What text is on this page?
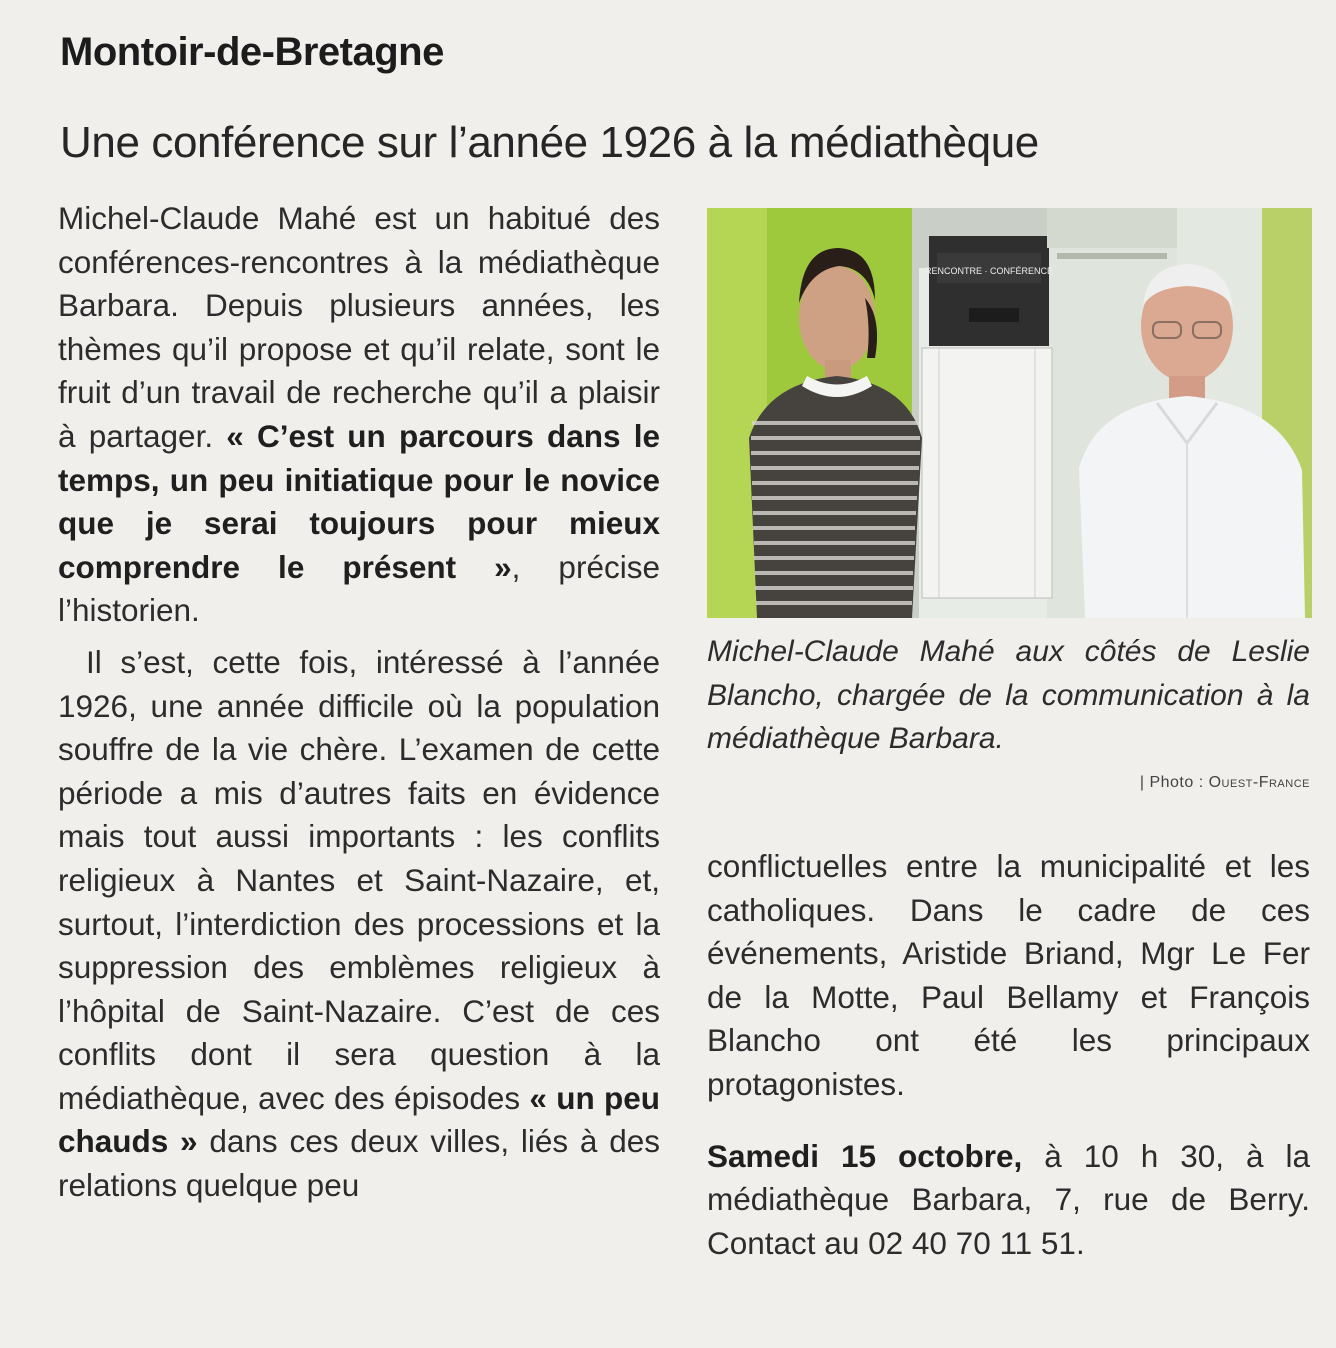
Montoir-de-Bretagne
Une conférence sur l’année 1926 à la médiathèque

Michel-Claude Mahé est un habitué des conférences-rencontres à la médiathèque Barbara. Depuis plusieurs années, les thèmes qu’il propose et qu’il relate, sont le fruit d’un travail de recherche qu’il a plaisir à partager. « C’est un parcours dans le temps, un peu initiatique pour le novice que je serai toujours pour mieux comprendre le présent », précise l’historien.

Il s’est, cette fois, intéressé à l’année 1926, une année difficile où la population souffre de la vie chère. L’examen de cette période a mis d’autres faits en évidence mais tout aussi importants : les conflits religieux à Nantes et Saint-Nazaire, et, surtout, l’interdiction des processions et la suppression des emblèmes religieux à l’hôpital de Saint-Nazaire. C’est de ces conflits dont il sera question à la médiathèque, avec des épisodes « un peu chauds » dans ces deux villes, liés à des relations quelque peu

RENCONTRE · CONFÉRENCE

Michel-Claude Mahé aux côtés de Leslie Blancho, chargée de la communication à la médiathèque Barbara.

| Photo : Ouest-France

conflictuelles entre la municipalité et les catholiques. Dans le cadre de ces événements, Aristide Briand, Mgr Le Fer de la Motte, Paul Bellamy et François Blancho ont été les principaux protagonistes.

Samedi 15 octobre, à 10 h 30, à la médiathèque Barbara, 7, rue de Berry. Contact au 02 40 70 11 51.
